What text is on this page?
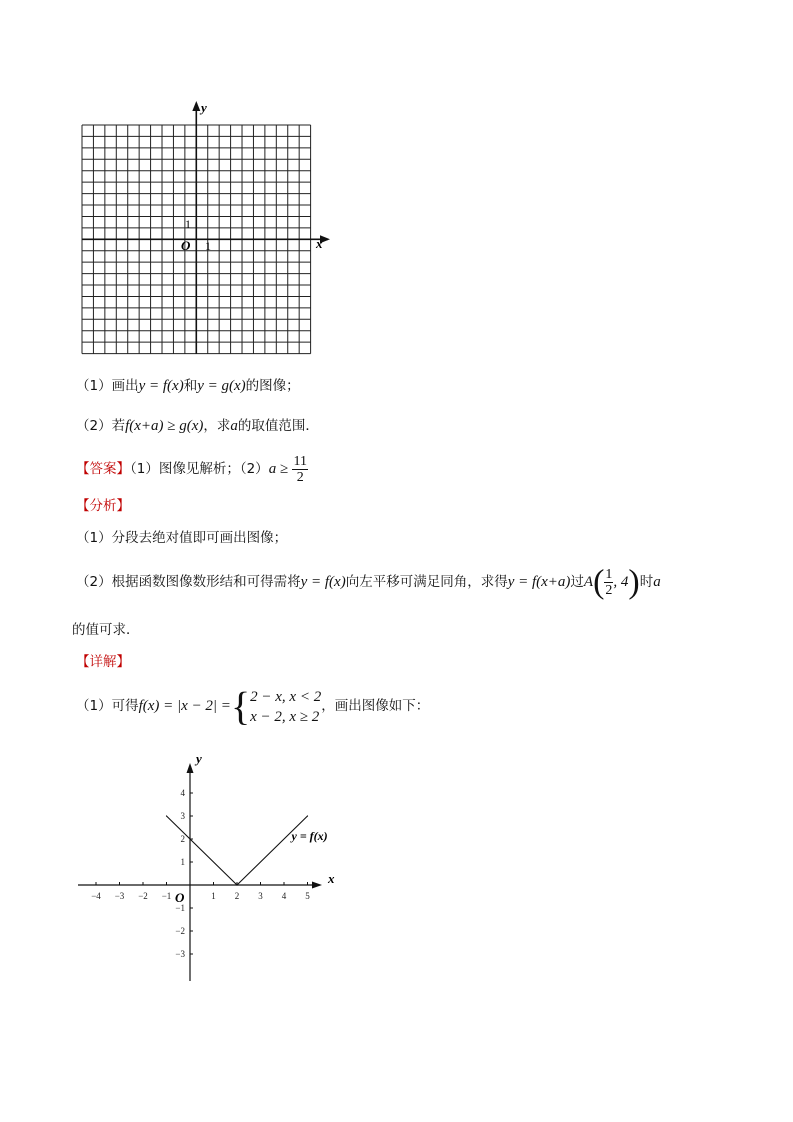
y
x
O 1
1
（1）画出y = f(x)和y = g(x)的图像；
（2）若f(x+a) ≥ g(x)，求a的取值范围．
【答案】（1）图像见解析；$(2)a \ge \frac{11}{2}$
【分析】
（1）分段去绝对值即可画出图像；
（2）根据函数图像数形结和可得需将y = f(x)向左平移可满足同角，求得y = f(x+a)过$A( \frac{1}{2}$ , 4)时a
的值可求．
【详解】
（1）可得f(x) = |x − 2| ={ 2 − x, x < 2
x − 2, x ≥ 2
，画出图像如下：
−4 −3 −2 −1	1 2 3 4 5
−3
−2
−1
1
2
3
4
x
y
O
y = f(x)
